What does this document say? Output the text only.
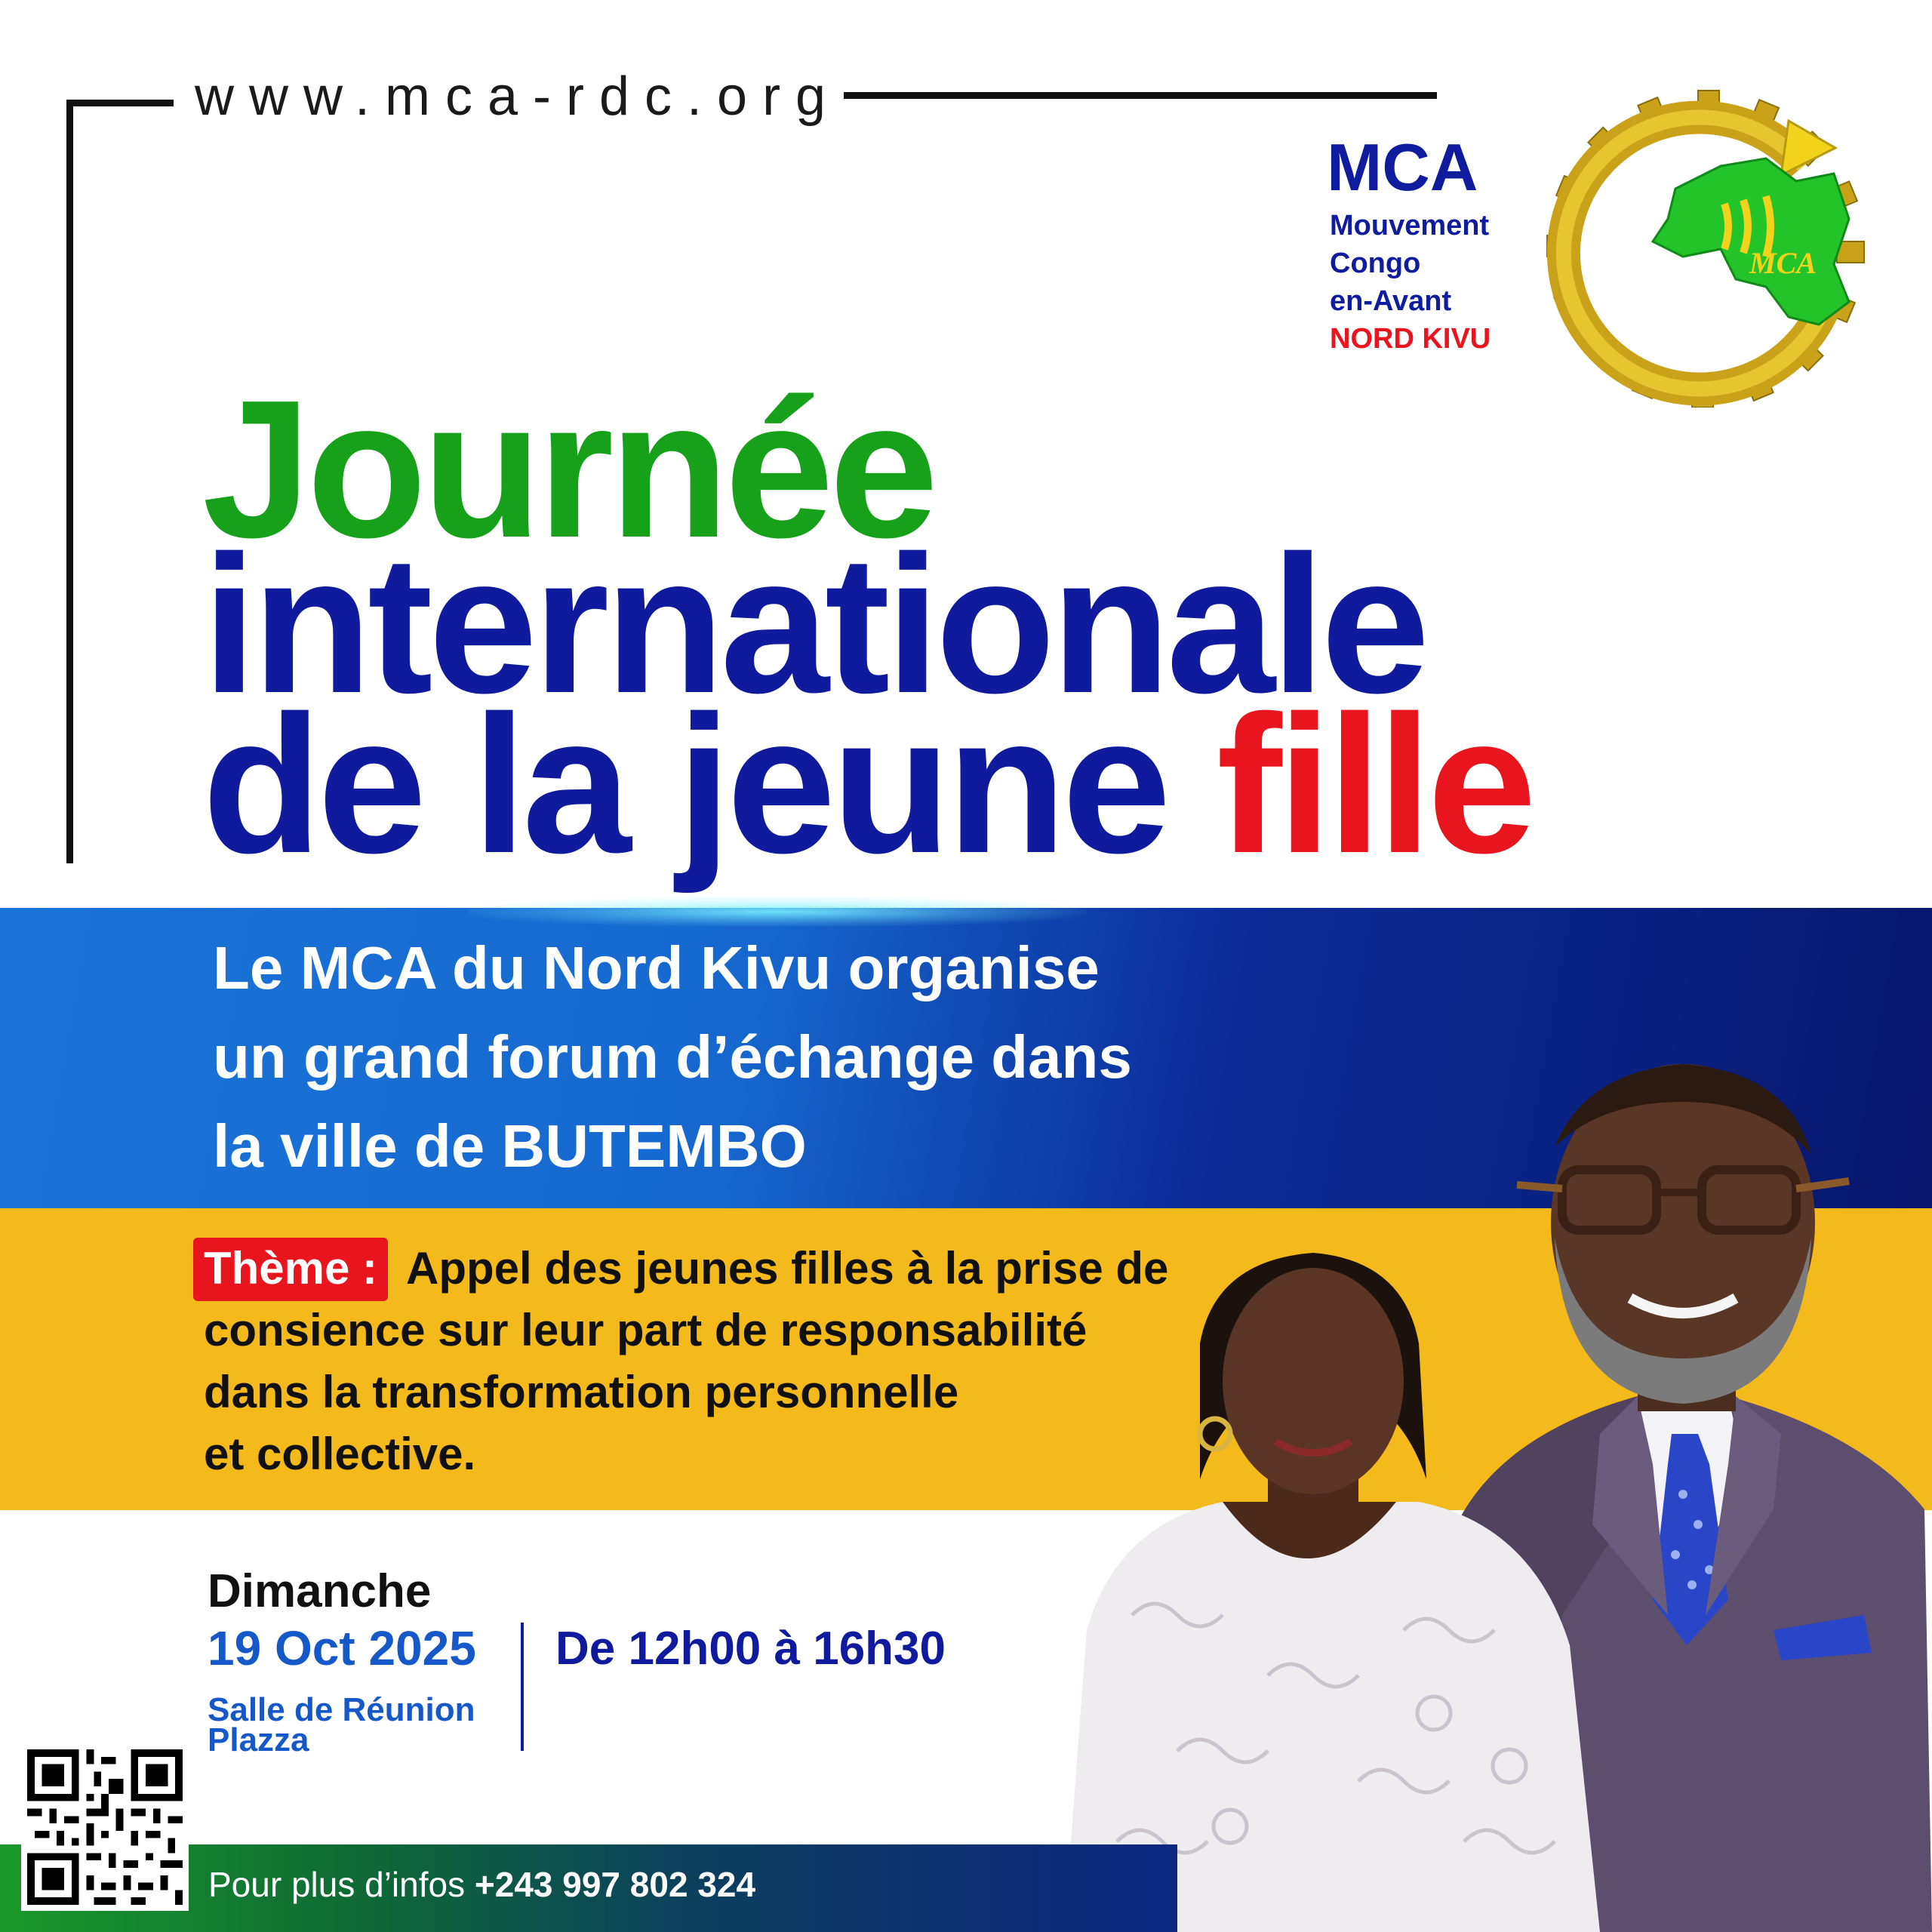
www.mca-rdc.org
MCA
Mouvement
Congo
en-Avant
NORD KIVU
MCA
Journée
internationale
de la jeune fille
Le MCA du Nord Kivu organise
un grand forum d’échange dans
la ville de BUTEMBO
Thème : Appel des jeunes filles à la prise de
consience sur leur part de responsabilité
dans la transformation personnelle
et collective.
Dimanche
19 Oct 2025
Salle de Réunion
Plazza
De 12h00 à 16h30
Pour plus d’infos +243 997 802 324
